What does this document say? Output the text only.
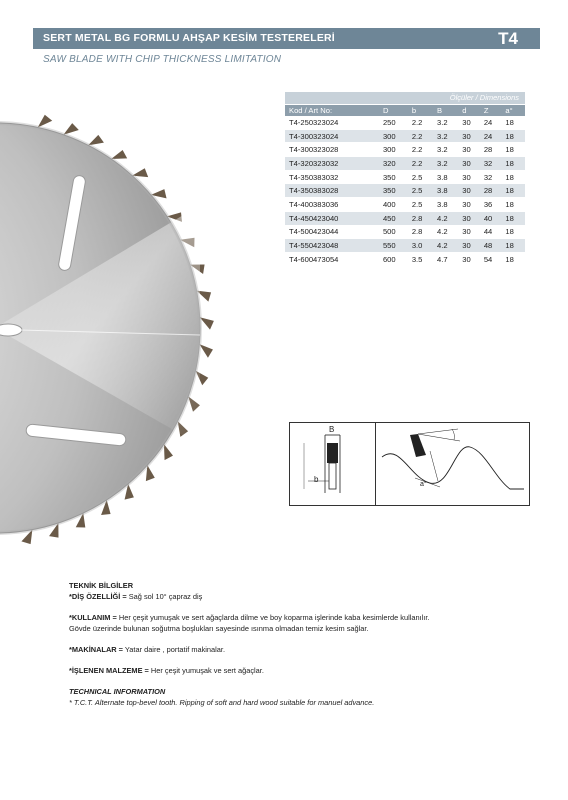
SERT METAL BG FORMLU AHŞAP KESİM TESTERELERİ	T4
SAW BLADE WITH CHIP THICKNESS LIMITATION
Ölçüler / Dimensions
Kod / Art No:	D	b	B	d	Z	a°
T4-250323024	250	2.2	3.2	30	24	18
T4-300323024	300	2.2	3.2	30	24	18
T4-300323028	300	2.2	3.2	30	28	18
T4-320323032	320	2.2	3.2	30	32	18
T4-350383032	350	2.5	3.8	30	32	18
T4-350383028	350	2.5	3.8	30	28	18
T4-400383036	400	2.5	3.8	30	36	18
T4-450423040	450	2.8	4.2	30	40	18
T4-500423044	500	2.8	4.2	30	44	18
T4-550423048	550	3.0	4.2	30	48	18
T4-600473054	600	3.5	4.7	30	54	18
B
b
a°

TEKNİK BİLGİLER

*DİŞ ÖZELLİĞİ = Sağ sol 10° çapraz diş

*KULLANIM = Her çeşit yumuşak ve sert ağaçlarda dilme ve boy koparma işlerinde kaba kesimlerde kullanılır.

Gövde üzerinde bulunan soğutma boşlukları sayesinde ısınma olmadan temiz kesim sağlar.

*MAKİNALAR = Yatar daire , portatif makinalar.

*İŞLENEN MALZEME = Her çeşit yumuşak ve sert ağaçlar.

TECHNICAL INFORMATION

* T.C.T. Alternate top-bevel tooth. Ripping of soft and hard wood suitable for manuel advance.
